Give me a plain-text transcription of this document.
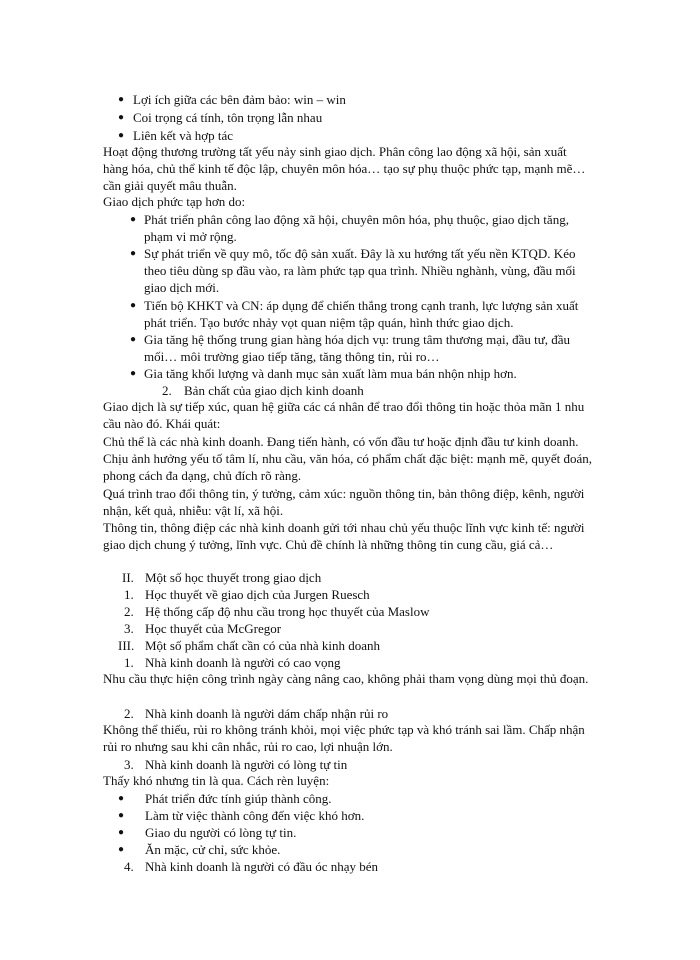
● Lợi ích giữa các bên đảm bảo: win – win
● Coi trọng cá tính, tôn trọng lẫn nhau
● Liên kết và hợp tác
Hoạt động thương trường tất yếu nảy sinh giao dịch. Phân công lao động xã hội, sản xuất hàng hóa, chủ thể kinh tế độc lập, chuyên môn hóa… tạo sự phụ thuộc phức tạp, mạnh mẽ… cần giải quyết mâu thuẫn.
Giao dịch phức tạp hơn do:
● Phát triển phân công lao động xã hội, chuyên môn hóa, phụ thuộc, giao dịch tăng, phạm vi mở rộng.
● Sự phát triển về quy mô, tốc độ sản xuất. Đây là xu hướng tất yếu nền KTQD. Kéo theo tiêu dùng sp đầu vào, ra làm phức tạp qua trình. Nhiều nghành, vùng, đầu mối giao dịch mới.
● Tiến bộ KHKT và CN: áp dụng để chiến thắng trong cạnh tranh, lực lượng sản xuất phát triển. Tạo bước nhảy vọt quan niệm tập quán, hình thức giao dịch.
● Gia tăng hệ thống trung gian hàng hóa dịch vụ: trung tâm thương mại, đầu tư, đầu mối… môi trường giao tiếp tăng, tăng thông tin, rủi ro…
● Gia tăng khối lượng và danh mục sản xuất làm mua bán nhộn nhịp hơn.
2. Bản chất của giao dịch kinh doanh
Giao dịch là sự tiếp xúc, quan hệ giữa các cá nhân để trao đổi thông tin hoặc thỏa mãn 1 nhu cầu nào đó. Khái quát:
Chủ thể là các nhà kinh doanh. Đang tiến hành, có vốn đầu tư hoặc định đầu tư kinh doanh. Chịu ảnh hưởng yếu tố tâm lí, nhu cầu, văn hóa, có phẩm chất đặc biệt: mạnh mẽ, quyết đoán, phong cách đa dạng, chủ đích rõ ràng.
Quá trình trao đổi thông tin, ý tưởng, cảm xúc: nguồn thông tin, bản thông điệp, kênh, người nhận, kết quả, nhiễu: vật lí, xã hội.
Thông tin, thông điệp các nhà kinh doanh gửi tới nhau chủ yếu thuộc lĩnh vực kinh tế: người giao dịch chung ý tưởng, lĩnh vực. Chủ đề chính là những thông tin cung cầu, giá cả…
II. Một số học thuyết trong giao dịch
1. Học thuyết về giao dịch của Jurgen Ruesch
2. Hệ thống cấp độ nhu cầu trong học thuyết của Maslow
3. Học thuyết của McGregor
III. Một số phẩm chất cần có của nhà kinh doanh
1. Nhà kinh doanh là người có cao vọng
Nhu cầu thực hiện công trình ngày càng nâng cao, không phải tham vọng dùng mọi thủ đoạn.
2. Nhà kinh doanh là người dám chấp nhận rủi ro
Không thể thiếu, rủi ro không tránh khỏi, mọi việc phức tạp và khó tránh sai lầm. Chấp nhận rủi ro nhưng sau khi cân nhắc, rủi ro cao, lợi nhuận lớn.
3. Nhà kinh doanh là người có lòng tự tin
Thấy khó nhưng tin là qua. Cách rèn luyện:
● Phát triển đức tính giúp thành công.
● Làm từ việc thành công đến việc khó hơn.
● Giao du người có lòng tự tin.
● Ăn mặc, cử chỉ, sức khỏe.
4. Nhà kinh doanh là người có đầu óc nhạy bén
